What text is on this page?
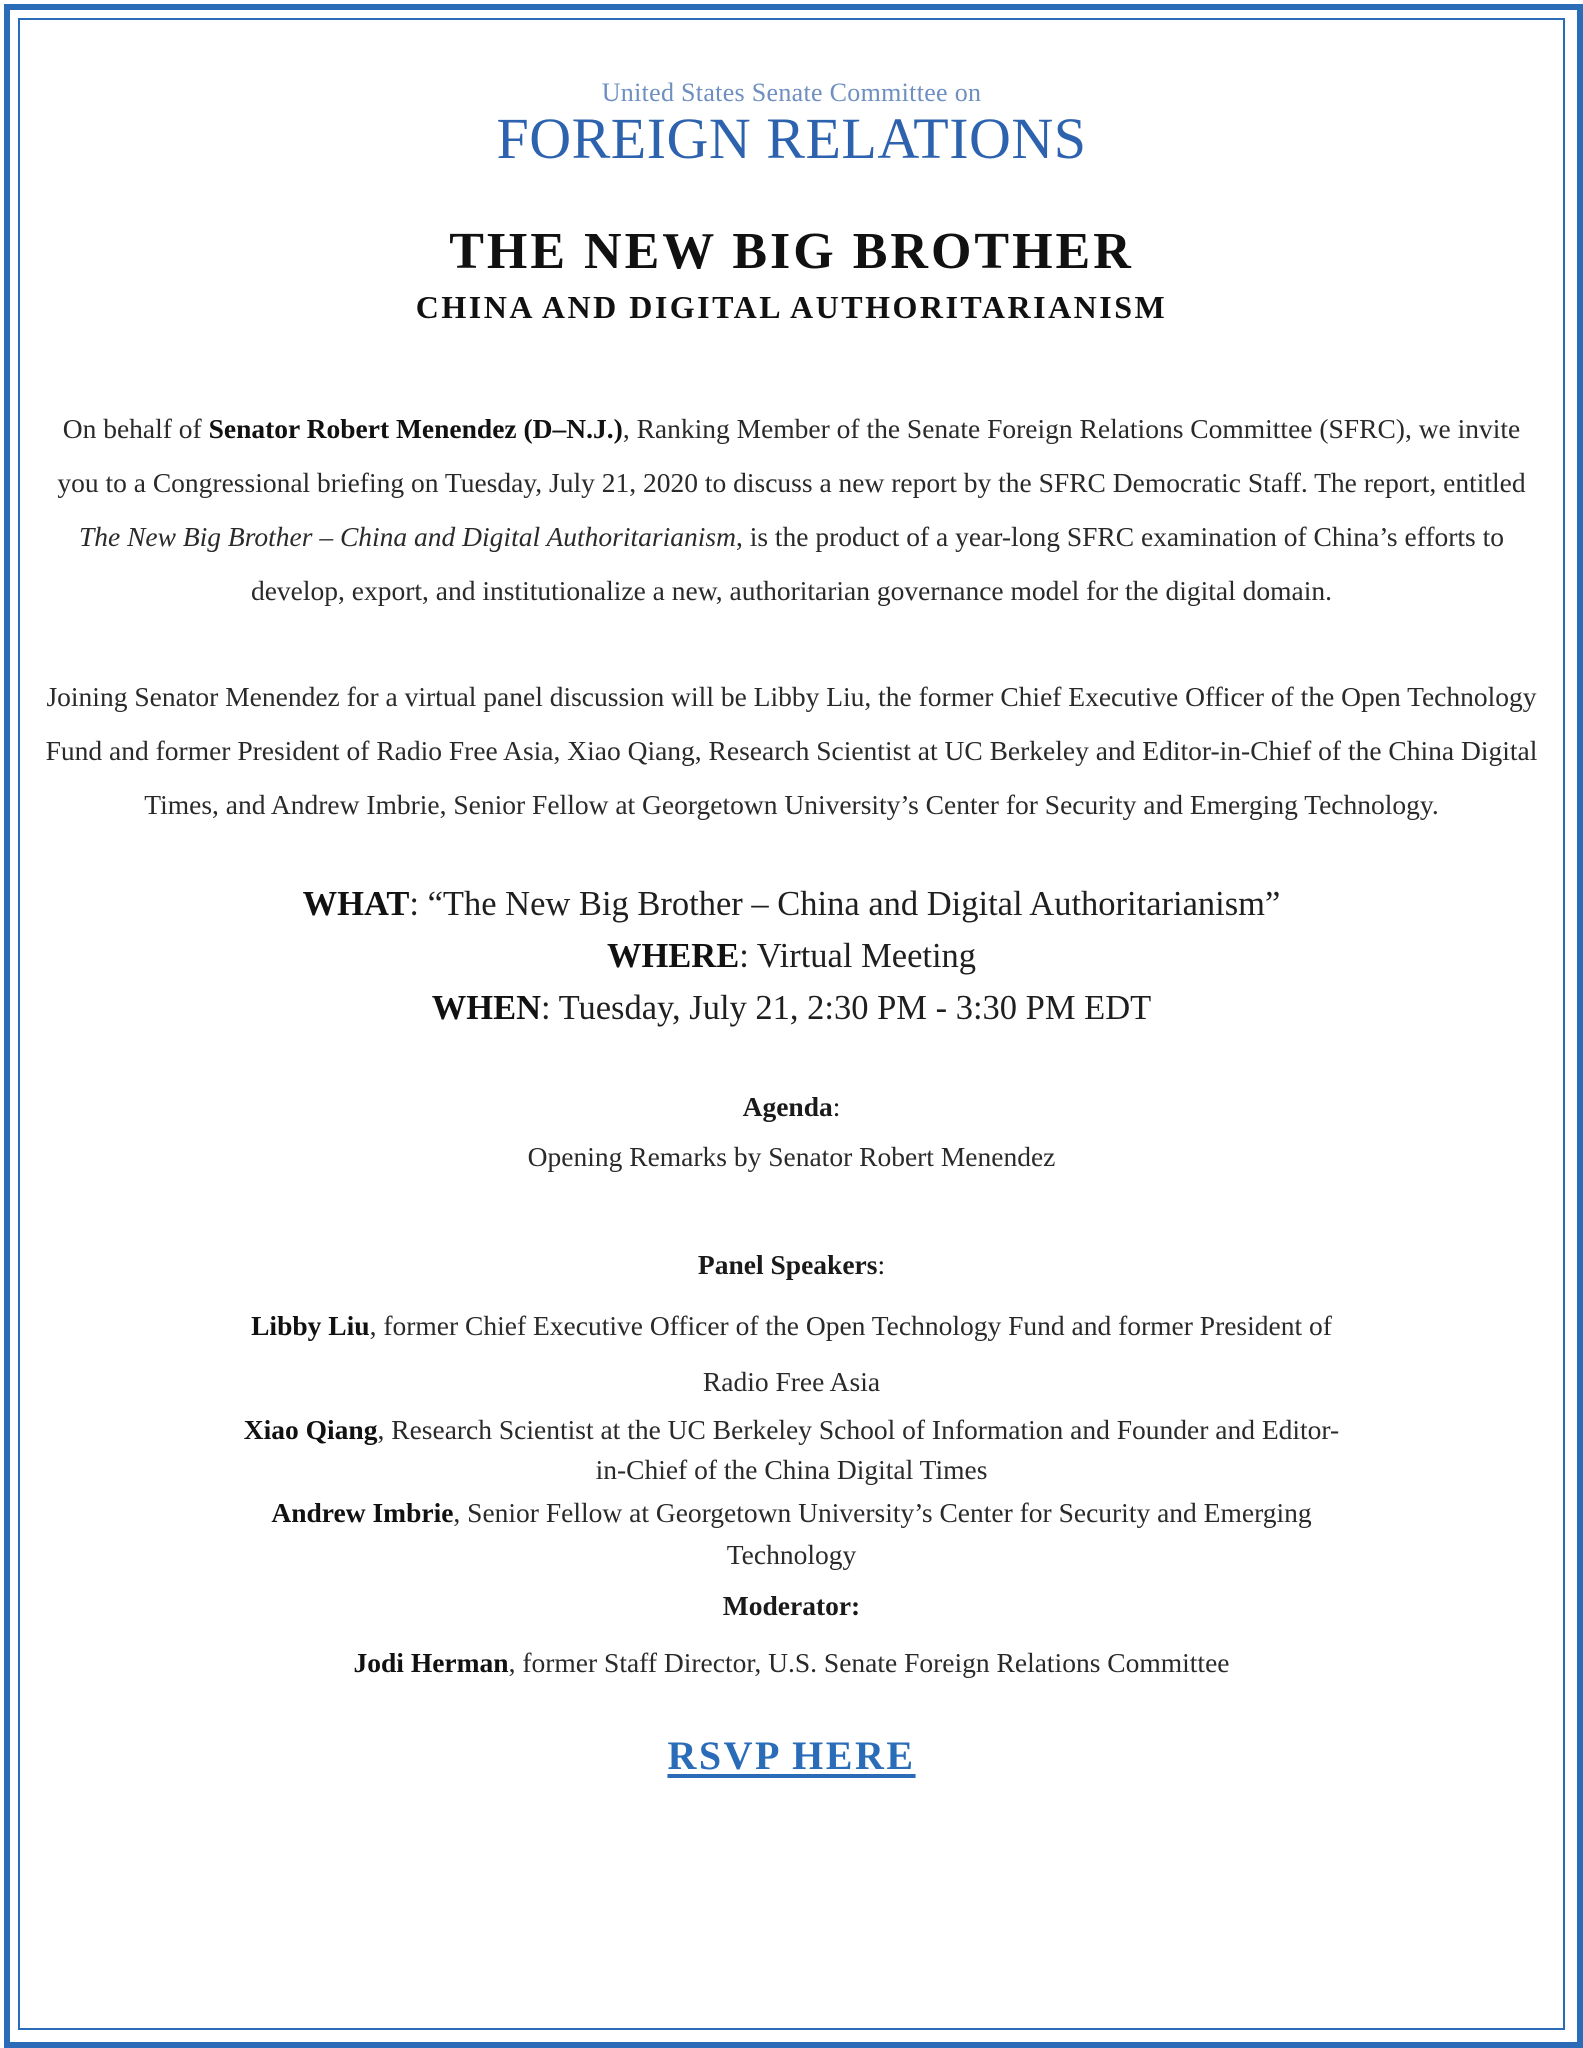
United States Senate Committee on
FOREIGN RELATIONS
THE NEW BIG BROTHER
CHINA AND DIGITAL AUTHORITARIANISM
On behalf of Senator Robert Menendez (D–N.J.), Ranking Member of the Senate Foreign Relations Committee (SFRC), we invite you to a Congressional briefing on Tuesday, July 21, 2020 to discuss a new report by the SFRC Democratic Staff. The report, entitled The New Big Brother – China and Digital Authoritarianism, is the product of a year-long SFRC examination of China’s efforts to develop, export, and institutionalize a new, authoritarian governance model for the digital domain.
Joining Senator Menendez for a virtual panel discussion will be Libby Liu, the former Chief Executive Officer of the Open Technology Fund and former President of Radio Free Asia, Xiao Qiang, Research Scientist at UC Berkeley and Editor-in-Chief of the China Digital Times, and Andrew Imbrie, Senior Fellow at Georgetown University’s Center for Security and Emerging Technology.
WHAT: “The New Big Brother – China and Digital Authoritarianism”
WHERE: Virtual Meeting
WHEN: Tuesday, July 21, 2:30 PM - 3:30 PM EDT
Agenda:
Opening Remarks by Senator Robert Menendez
Panel Speakers:
Libby Liu, former Chief Executive Officer of the Open Technology Fund and former President of
Radio Free Asia
Xiao Qiang, Research Scientist at the UC Berkeley School of Information and Founder and Editor-
in-Chief of the China Digital Times
Andrew Imbrie, Senior Fellow at Georgetown University’s Center for Security and Emerging
Technology
Moderator:
Jodi Herman, former Staff Director, U.S. Senate Foreign Relations Committee
RSVP HERE
